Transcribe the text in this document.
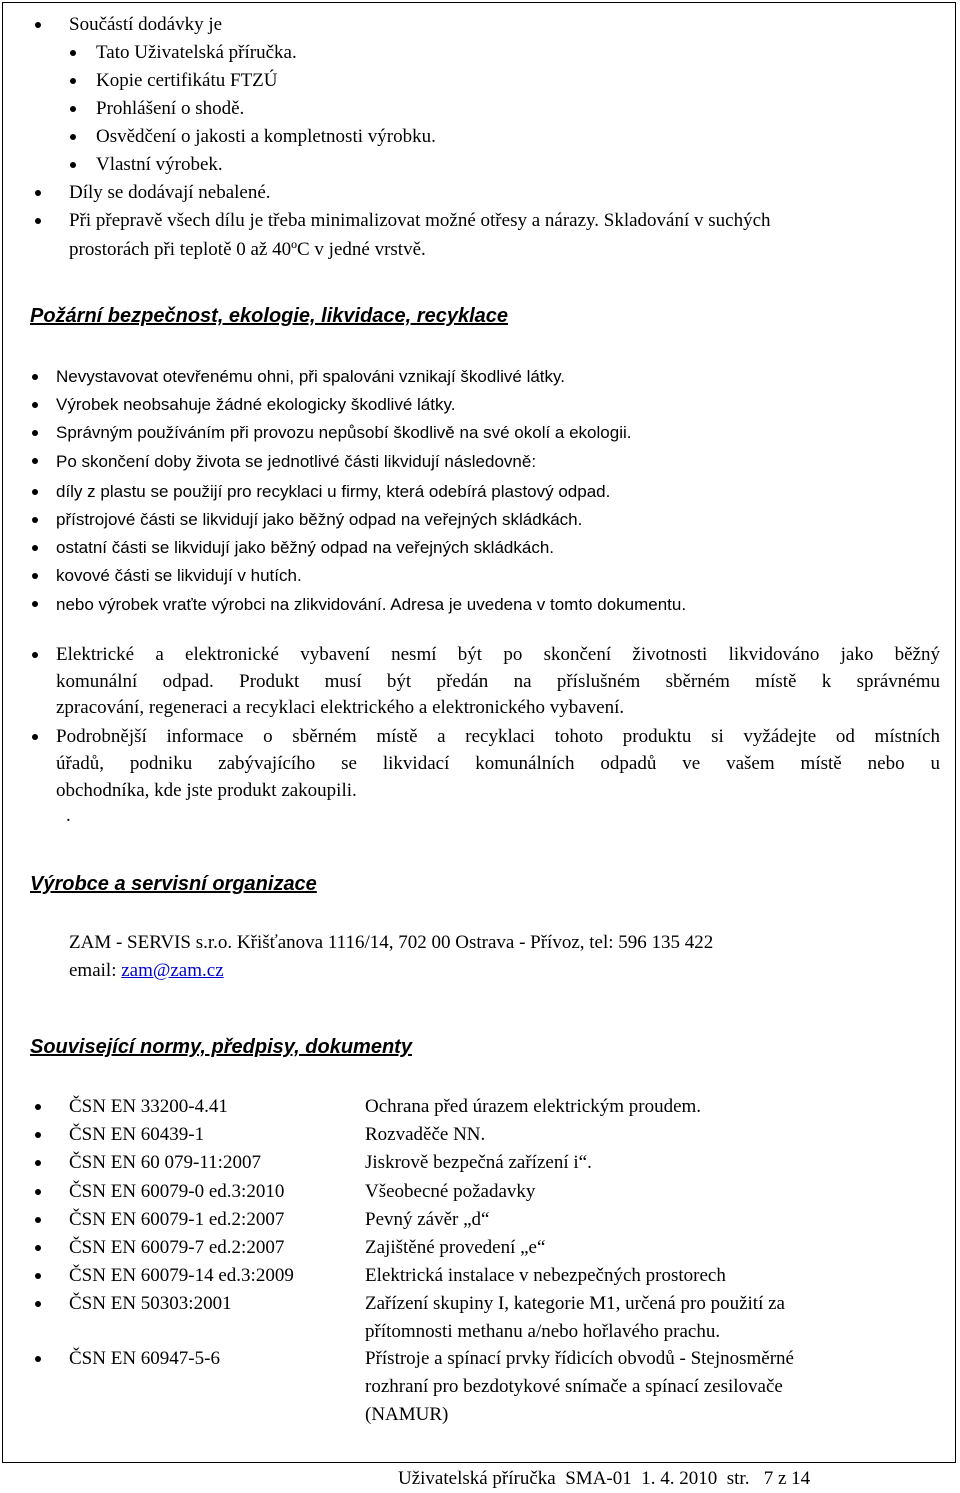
Součástí dodávky je
Tato Uživatelská příručka.
Kopie certifikátu FTZÚ
Prohlášení o shodě.
Osvědčení o jakosti a kompletnosti výrobku.
Vlastní výrobek.
Díly se dodávají nebalené.
Při přepravě všech dílu je třeba minimalizovat možné otřesy a nárazy. Skladování v suchých
prostorách při teplotě 0 až 40ºC v jedné vrstvě.
Požární bezpečnost, ekologie, likvidace, recyklace
Nevystavovat otevřenému ohni, při spalováni vznikají škodlivé látky.
Výrobek neobsahuje žádné ekologicky škodlivé látky.
Správným používáním při provozu nepůsobí škodlivě na své okolí a ekologii.
Po skončení doby života se jednotlivé části likvidují následovně:
díly z plastu se použijí pro recyklaci u firmy, která odebírá plastový odpad.
přístrojové části se likvidují jako běžný odpad na veřejných skládkách.
ostatní části se likvidují jako běžný odpad na veřejných skládkách.
kovové části se likvidují v hutích.
nebo výrobek vraťte výrobci na zlikvidování. Adresa je uvedena v tomto dokumentu.
Elektrické a elektronické vybavení nesmí být po skončení životnosti likvidováno jako běžný
komunální odpad. Produkt musí být předán na příslušném sběrném místě k správnému
zpracování, regeneraci a recyklaci elektrického a elektronického vybavení.
Podrobnější informace o sběrném místě a recyklaci tohoto produktu si vyžádejte od místních
úřadů, podniku zabývajícího se likvidací komunálních odpadů ve vašem místě nebo u
obchodníka, kde jste produkt zakoupili.
.
Výrobce a servisní organizace
ZAM - SERVIS s.r.o. Křišťanova 1116/14, 702 00 Ostrava - Přívoz, tel: 596 135 422
email: zam@zam.cz
Související normy, předpisy, dokumenty
ČSN EN 33200-4.41	Ochrana před úrazem elektrickým proudem.
ČSN EN 60439-1	Rozvaděče NN.
ČSN EN 60 079-11:2007	Jiskrově bezpečná zařízení i“.
ČSN EN 60079-0 ed.3:2010	Všeobecné požadavky
ČSN EN 60079-1 ed.2:2007	Pevný závěr „d“
ČSN EN 60079-7 ed.2:2007	Zajištěné provedení „e“
ČSN EN 60079-14 ed.3:2009	Elektrická instalace v nebezpečných prostorech
ČSN EN 50303:2001	Zařízení skupiny I, kategorie M1, určená pro použití za
přítomnosti methanu a/nebo hořlavého prachu.
ČSN EN 60947-5-6	Přístroje a spínací prvky řídicích obvodů - Stejnosměrné
rozhraní pro bezdotykové snímače a spínací zesilovače
(NAMUR)
Uživatelská příručka  SMA-01  1. 4. 2010  str.   7 z 14
